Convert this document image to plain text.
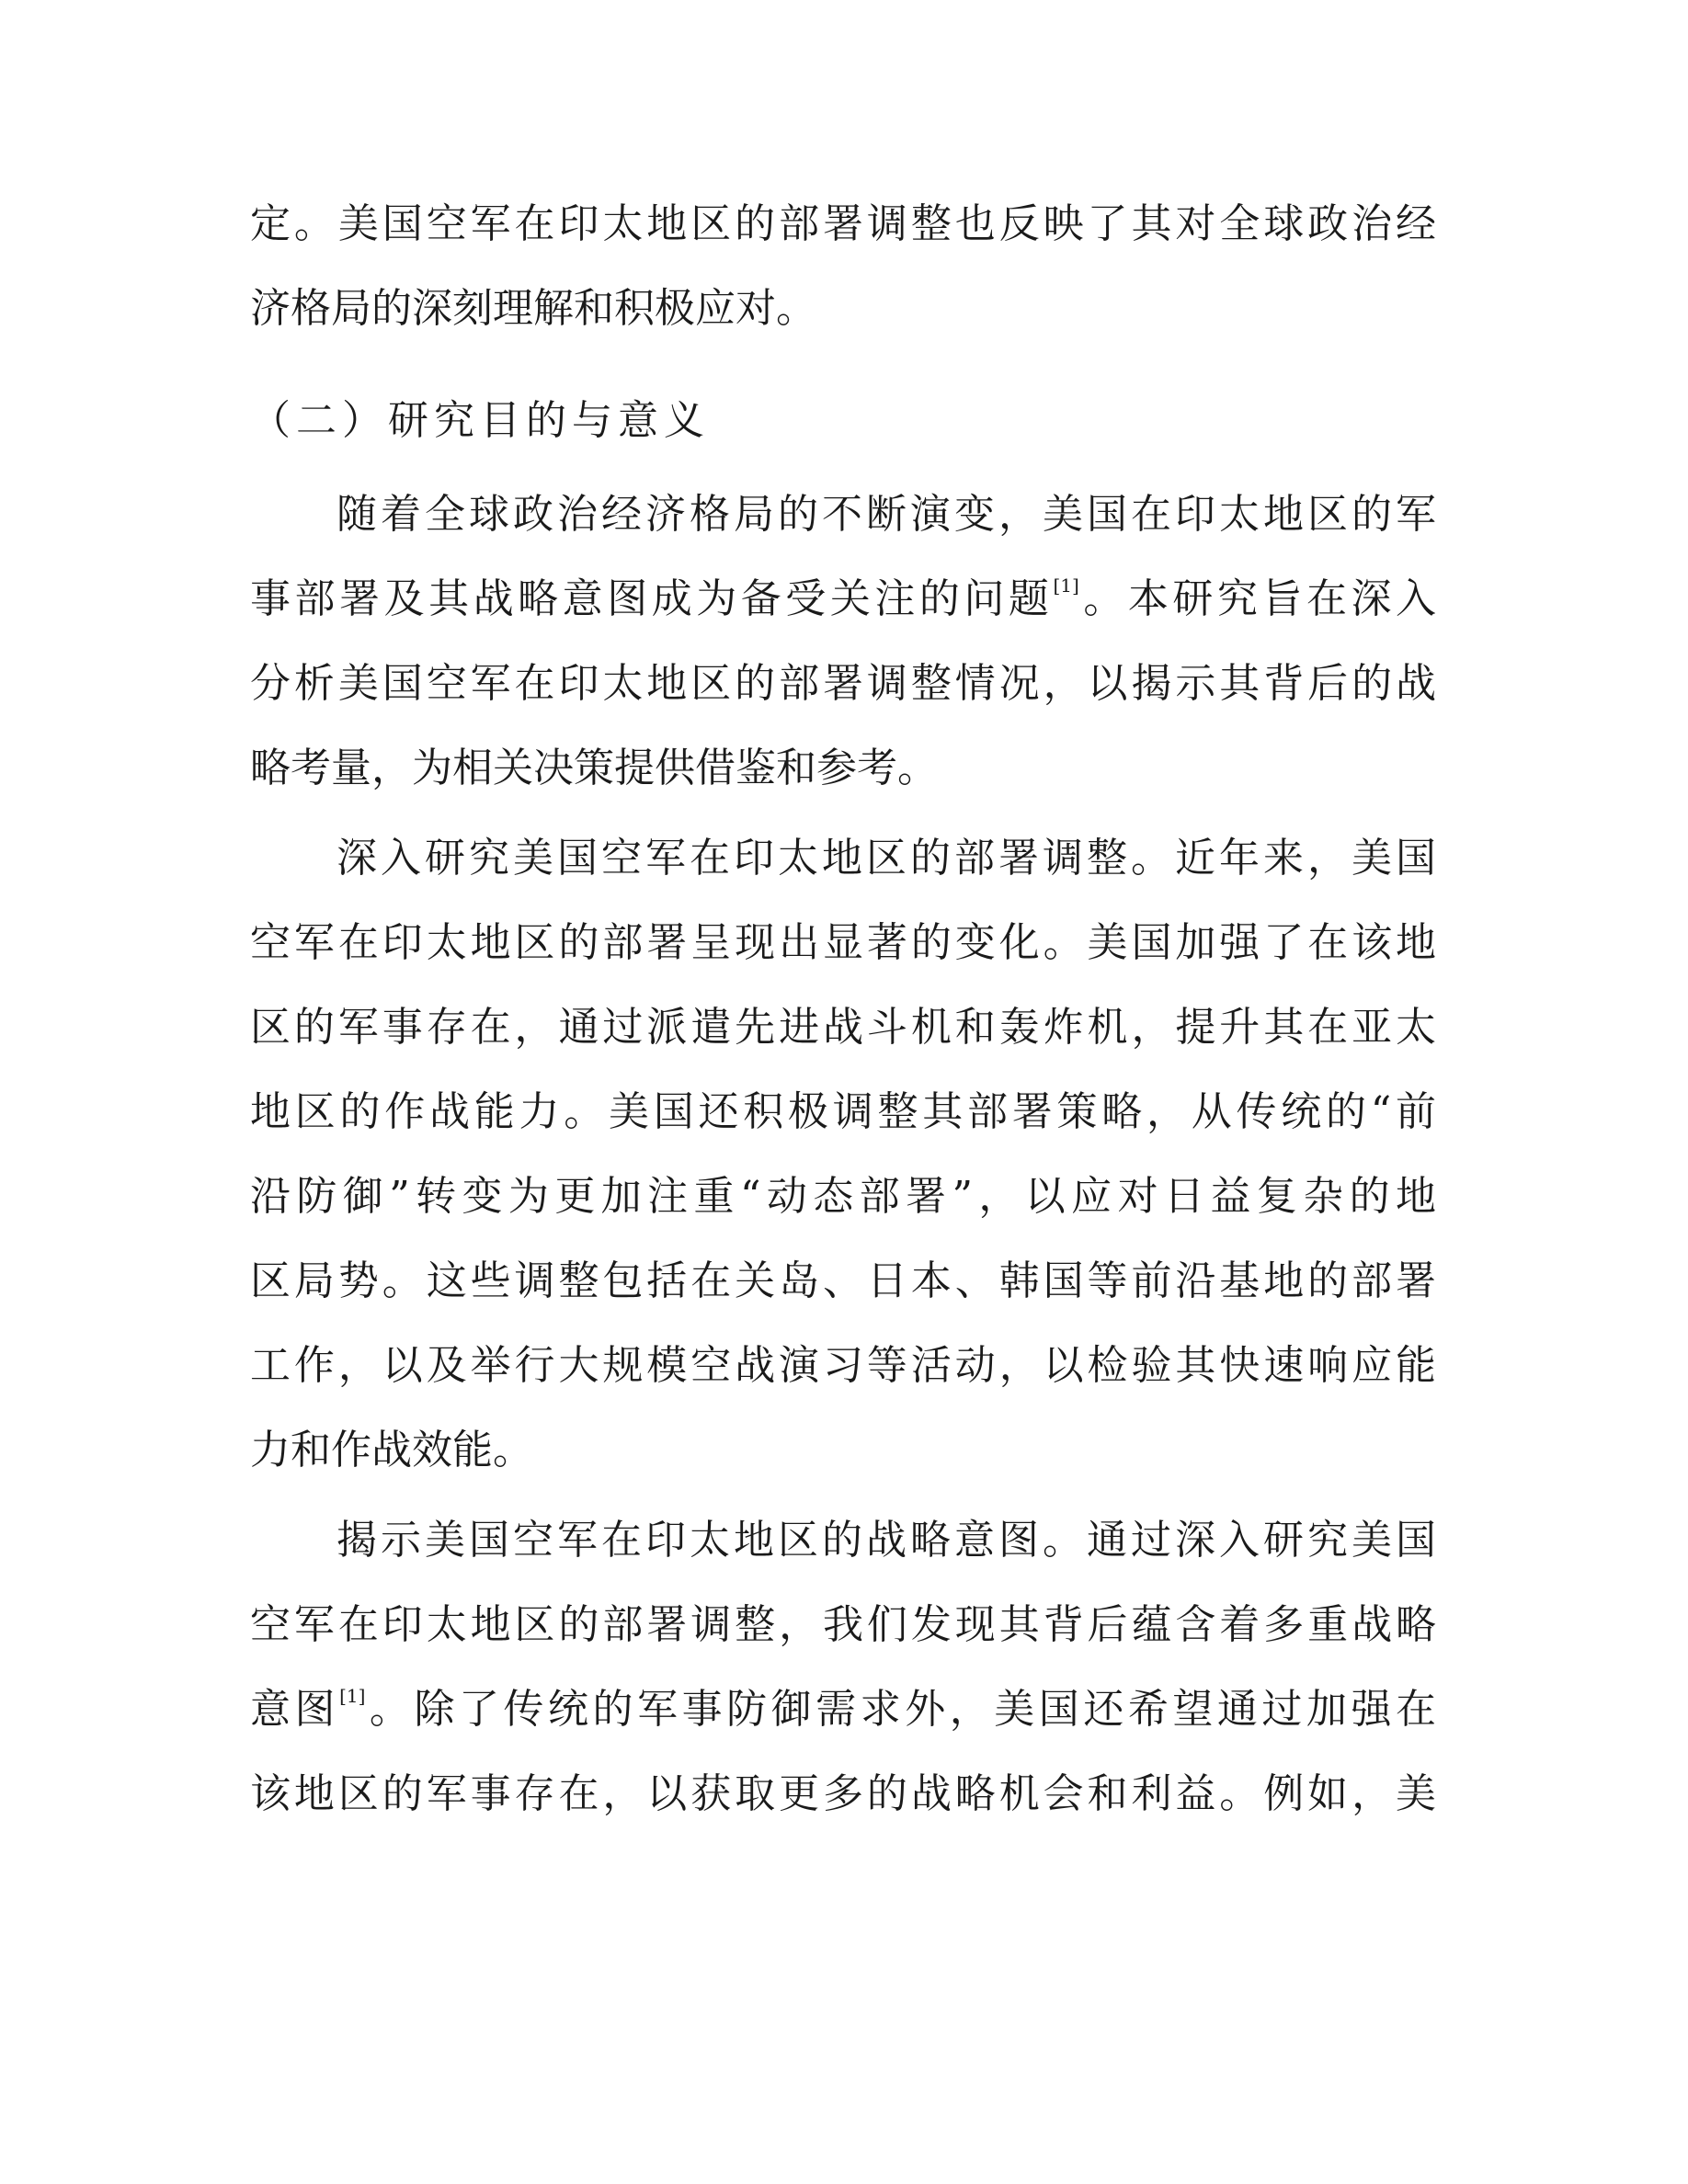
定。美国空军在印太地区的部署调整也反映了其对全球政治经
济格局的深刻理解和积极应对。
（二）研究目的与意义
随着全球政治经济格局的不断演变，美国在印太地区的军
事部署及其战略意图成为备受关注的问题[1]。本研究旨在深入
分析美国空军在印太地区的部署调整情况，以揭示其背后的战
略考量，为相关决策提供借鉴和参考。
深入研究美国空军在印太地区的部署调整。近年来，美国
空军在印太地区的部署呈现出显著的变化。美国加强了在该地
区的军事存在，通过派遣先进战斗机和轰炸机，提升其在亚太
地区的作战能力。美国还积极调整其部署策略，从传统的“前
沿防御”转变为更加注重“动态部署”，以应对日益复杂的地
区局势。这些调整包括在关岛、日本、韩国等前沿基地的部署
工作，以及举行大规模空战演习等活动，以检验其快速响应能
力和作战效能。
揭示美国空军在印太地区的战略意图。通过深入研究美国
空军在印太地区的部署调整，我们发现其背后蕴含着多重战略
意图[1]。除了传统的军事防御需求外，美国还希望通过加强在
该地区的军事存在，以获取更多的战略机会和利益。例如，美
